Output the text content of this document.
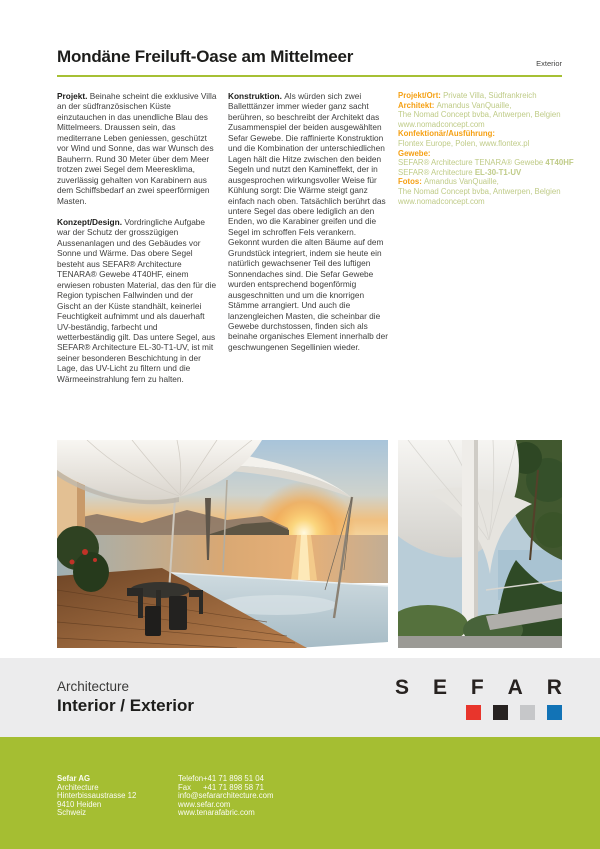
Mondäne Freiluft-Oase am Mittelmeer	Exterior

Projekt. Beinahe scheint die exklusive Villa an der südfranzösischen Küste einzutauchen in das unendliche Blau des Mittelmeers. Draussen sein, das mediterrane Leben geniessen, geschützt vor Wind und Sonne, das war Wunsch des Bauherrn. Rund 30 Meter über dem Meer trotzen zwei Segel dem Meeresklima, zuverlässig gehalten von Karabinern aus dem Schiffsbedarf an zwei speerförmigen Masten.

Konzept/Design. Vordringliche Aufgabe war der Schutz der grosszügigen Aussenanlagen und des Gebäudes vor Sonne und Wärme. Das obere Segel besteht aus SEFAR® Architecture TENARA® Gewebe 4T40HF, einem erwiesen robusten Material, das den für die Region typischen Fallwinden und der Gischt an der Küste standhält, keinerlei Feuchtigkeit aufnimmt und als dauerhaft UV-beständig, farbecht und wetterbeständig gilt. Das untere Segel, aus SEFAR® Architecture EL-30-T1-UV, ist mit seiner besonderen Beschichtung in der Lage, das UV-Licht zu filtern und die Wärmeeinstrahlung fern zu halten.

Konstruktion. Als würden sich zwei Balletttänzer immer wieder ganz sacht berühren, so beschreibt der Architekt das Zusammenspiel der beiden ausgewählten Sefar Gewebe. Die raffinierte Konstruktion und die Kombination der unterschiedlichen Lagen hält die Hitze zwischen den beiden Segeln und nutzt den Kamineffekt, der in ausgesprochen wirkungsvoller Weise für Kühlung sorgt: Die Wärme steigt ganz einfach nach oben. Tatsächlich berührt das untere Segel das obere lediglich an den Enden, wo die Karabiner greifen und die Segel im schroffen Fels verankern. Gekonnt wurden die alten Bäume auf dem Grundstück integriert, indem sie heute ein natürlich gewachsener Teil des luftigen Sonnendaches sind. Die Sefar Gewebe wurden entsprechend bogenförmig ausgeschnitten und um die knorrigen Stämme arrangiert. Und auch die lanzengleichen Masten, die scheinbar die Gewebe durchstossen, finden sich als beinahe organisches Element innerhalb der geschwungenen Segellinien wieder.

Projekt/Ort: Private Villa, Südfrankreich
Architekt: Amandus VanQuaille,
The Nomad Concept bvba, Antwerpen, Belgien
www.nomadconcept.com
Konfektionär/Ausführung:
Flontex Europe, Polen, www.flontex.pl
Gewebe:
SEFAR® Architecture TENARA® Gewebe 4T40HF
SEFAR® Architecture EL-30-T1-UV
Fotos: Amandus VanQuaille,
The Nomad Concept bvba, Antwerpen, Belgien
www.nomadconcept.com
Architecture
Interior / Exterior
S E F A R
Sefar AG
Architecture
Hinterbissaustrasse 12
9410 Heiden
Schweiz
Telefon+41 71 898 51 04
Fax +41 71 898 58 71
info@sefararchitecture.com
www.sefar.com
www.tenarafabric.com
